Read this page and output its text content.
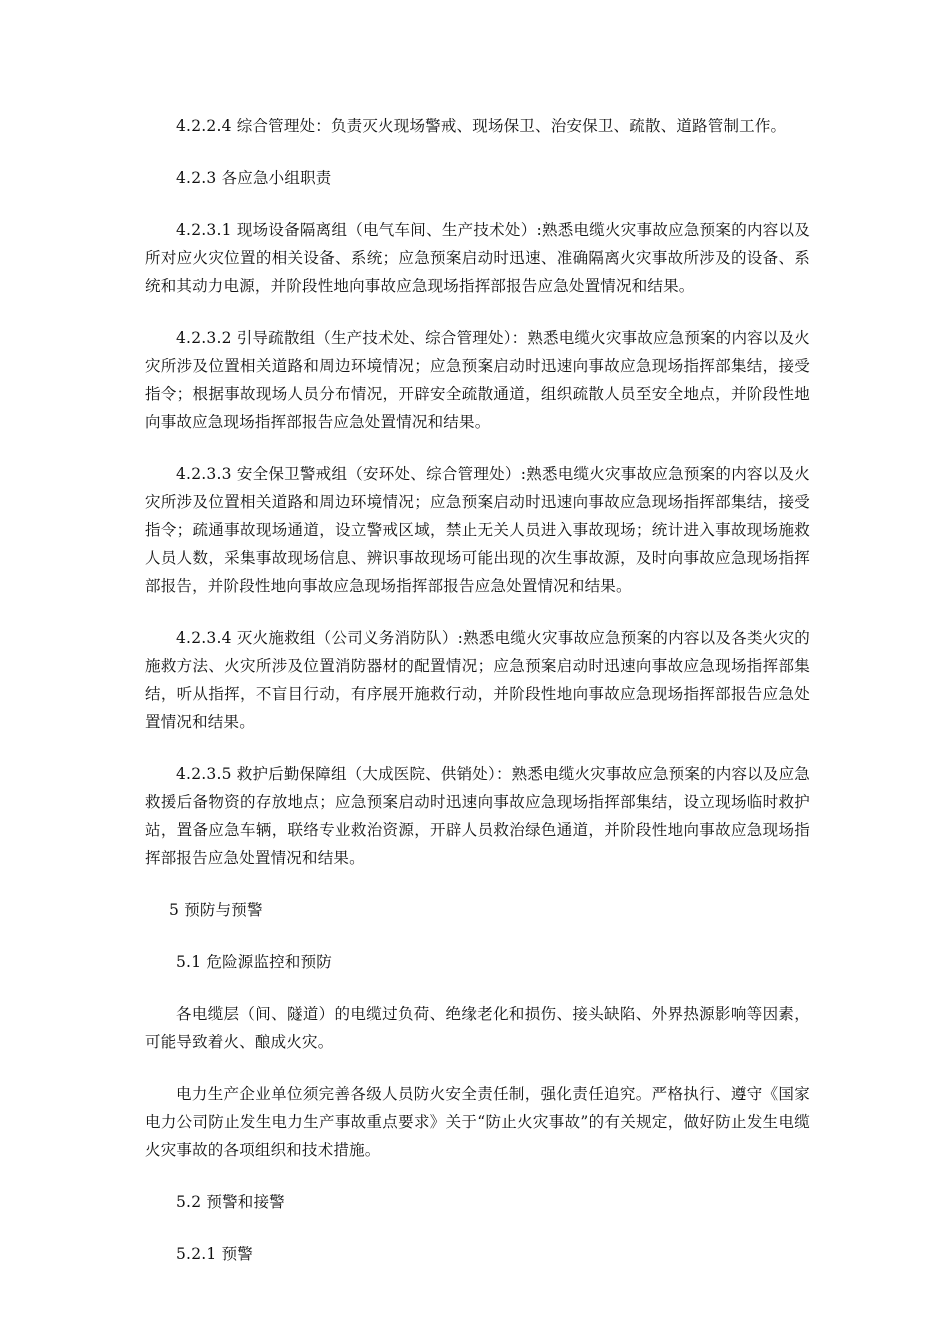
4.2.2.4 综合管理处：负责灭火现场警戒、现场保卫、治安保卫、疏散、道路管制工作。

4.2.3 各应急小组职责

4.2.3.1 现场设备隔离组（电气车间、生产技术处）:熟悉电缆火灾事故应急预案的内容以及所对应火灾位置的相关设备、系统；应急预案启动时迅速、准确隔离火灾事故所涉及的设备、系统和其动力电源，并阶段性地向事故应急现场指挥部报告应急处置情况和结果。

4.2.3.2 引导疏散组（生产技术处、综合管理处）：熟悉电缆火灾事故应急预案的内容以及火灾所涉及位置相关道路和周边环境情况；应急预案启动时迅速向事故应急现场指挥部集结，接受指令；根据事故现场人员分布情况，开辟安全疏散通道，组织疏散人员至安全地点，并阶段性地向事故应急现场指挥部报告应急处置情况和结果。

4.2.3.3 安全保卫警戒组（安环处、综合管理处）:熟悉电缆火灾事故应急预案的内容以及火灾所涉及位置相关道路和周边环境情况；应急预案启动时迅速向事故应急现场指挥部集结，接受指令；疏通事故现场通道，设立警戒区域，禁止无关人员进入事故现场；统计进入事故现场施救人员人数，采集事故现场信息、辨识事故现场可能出现的次生事故源，及时向事故应急现场指挥部报告，并阶段性地向事故应急现场指挥部报告应急处置情况和结果。

4.2.3.4 灭火施救组（公司义务消防队）:熟悉电缆火灾事故应急预案的内容以及各类火灾的施救方法、火灾所涉及位置消防器材的配置情况；应急预案启动时迅速向事故应急现场指挥部集结，听从指挥，不盲目行动，有序展开施救行动，并阶段性地向事故应急现场指挥部报告应急处置情况和结果。

4.2.3.5 救护后勤保障组（大成医院、供销处）：熟悉电缆火灾事故应急预案的内容以及应急救援后备物资的存放地点；应急预案启动时迅速向事故应急现场指挥部集结，设立现场临时救护站，置备应急车辆，联络专业救治资源，开辟人员救治绿色通道，并阶段性地向事故应急现场指挥部报告应急处置情况和结果。

5 预防与预警

5.1 危险源监控和预防

各电缆层（间、隧道）的电缆过负荷、绝缘老化和损伤、接头缺陷、外界热源影响等因素，可能导致着火、酿成火灾。

电力生产企业单位须完善各级人员防火安全责任制，强化责任追究。严格执行、遵守《国家电力公司防止发生电力生产事故重点要求》关于“防止火灾事故”的有关规定，做好防止发生电缆火灾事故的各项组织和技术措施。

5.2 预警和接警

5.2.1 预警
